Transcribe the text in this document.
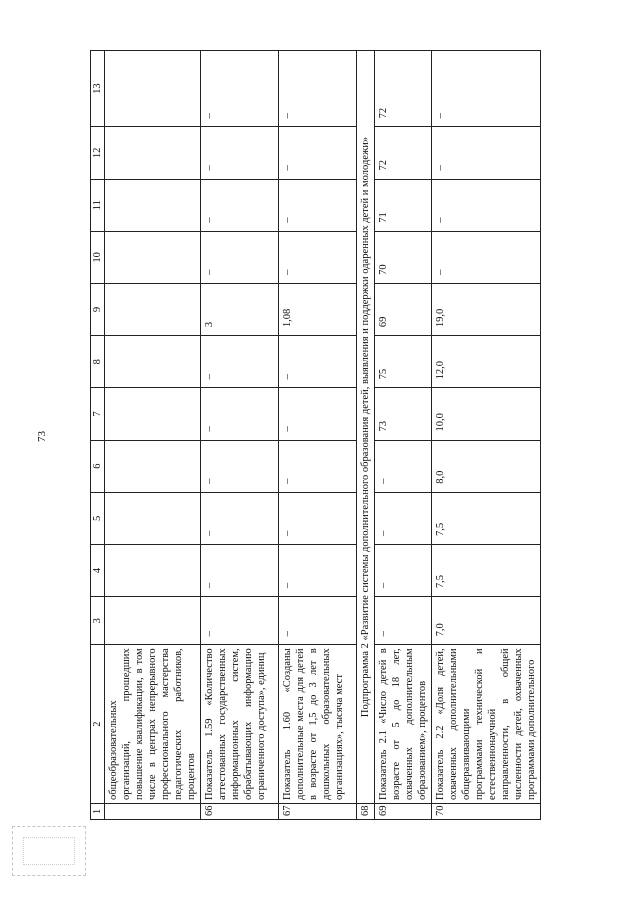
73
1	2	3	4	5	6	7	8	9	10	11	12	13
	общеобразовательных организаций, прошедших повышение квалификации, в том числе в центрах непрерывного профессионального мастерства педагогических работников, процентов											
66	Показатель 1.59 «Количество аттестованных государственных информационных систем, обрабатывающих информацию ограниченного доступа», единиц	–	–	–	–	–	–	3	–	–	–	–
67	Показатель 1.60 «Созданы дополнительные места для детей в возрасте от 1,5 до 3 лет в дошкольных образовательных организациях», тысяча мест	–	–	–	–	–	–	1,08	–	–	–	–
68	Подпрограмма 2 «Развитие системы дополнительного образования детей, выявления и поддержки одаренных детей и молодежи»											
69	Показатель 2.1 «Число детей в возрасте от 5 до 18 лет, охваченных дополнительным образованием», процентов	–	–	–	–	73	75	69	70	71	72	72
70	Показатель 2.2 «Доля детей, охваченных дополнительными общеразвивающими программами технической и естественнонаучной направленности, в общей численности детей, охваченных программами дополнительного	7,0	7,5	7,5	8,0	10,0	12,0	19,0	–	–	–	–
